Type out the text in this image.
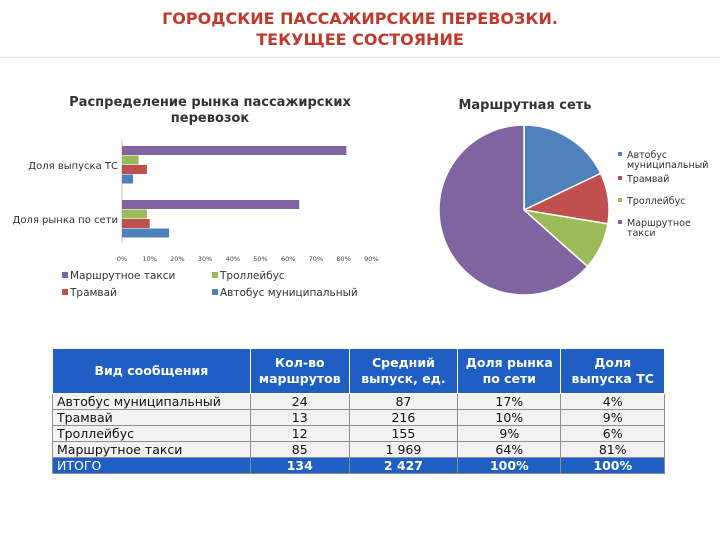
ГОРОДСКИЕ ПАССАЖИРСКИЕ ПЕРЕВОЗКИ.
ТЕКУЩЕЕ СОСТОЯНИЕ
Распределение рынка пассажирских перевозок
Маршрутная сеть
Доля выпуска ТС
Доля рынка по сети
0% 10% 20% 30% 40% 50% 60% 70% 80% 90%
Маршрутное такси	Троллейбус
Трамвай	Автобус муниципальный
Автобус муниципальный
Трамвай
Троллейбус
Маршрутное такси
Вид сообщения	Кол-во маршрутов	Средний выпуск, ед.	Доля рынка по сети	Доля выпуска ТС
Автобус муниципальный	24	87	17%	4%
Трамвай	13	216	10%	9%
Троллейбус	12	155	9%	6%
Маршрутное такси	85	1 969	64%	81%
ИТОГО	134	2 427	100%	100%
